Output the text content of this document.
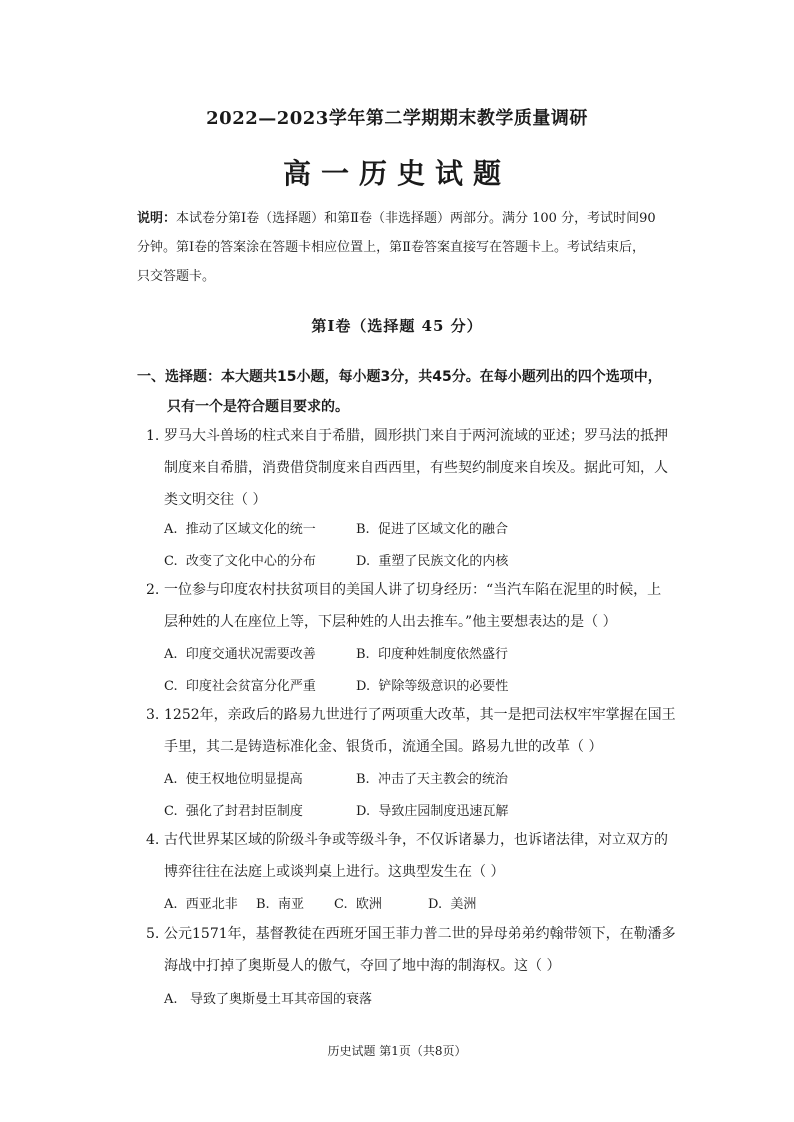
2022—2023学年第二学期期末教学质量调研
高一历史试题
说明：本试卷分第Ⅰ卷（选择题）和第Ⅱ卷（非选择题）两部分。满分 100 分，考试时间90
分钟。第Ⅰ卷的答案涂在答题卡相应位置上，第Ⅱ卷答案直接写在答题卡上。考试结束后，
只交答题卡。
第Ⅰ卷（选择题 45 分）
一、选择题：本大题共15小题，每小题3分，共45分。在每小题列出的四个选项中，
只有一个是符合题目要求的。
1. 罗马大斗兽场的柱式来自于希腊，圆形拱门来自于两河流域的亚述；罗马法的抵押
制度来自希腊，消费借贷制度来自西西里，有些契约制度来自埃及。据此可知，人
类文明交往（ ）
A. 推动了区域文化的统一	B. 促进了区域文化的融合
C. 改变了文化中心的分布	D. 重塑了民族文化的内核
2. 一位参与印度农村扶贫项目的美国人讲了切身经历：“当汽车陷在泥里的时候，上
层种姓的人在座位上等，下层种姓的人出去推车。”他主要想表达的是（ ）
A. 印度交通状况需要改善	B. 印度种姓制度依然盛行
C. 印度社会贫富分化严重	D. 铲除等级意识的必要性
3. 1252年，亲政后的路易九世进行了两项重大改革，其一是把司法权牢牢掌握在国王
手里，其二是铸造标准化金、银货币，流通全国。路易九世的改革（ ）
A. 使王权地位明显提高	B. 冲击了天主教会的统治
C. 强化了封君封臣制度	D. 导致庄园制度迅速瓦解
4. 古代世界某区域的阶级斗争或等级斗争，不仅诉诸暴力，也诉诸法律，对立双方的
博弈往往在法庭上或谈判桌上进行。这典型发生在（ ）
A. 西亚北非 B. 南亚 C. 欧洲	D. 美洲
5. 公元1571年，基督教徒在西班牙国王菲力普二世的异母弟弟约翰带领下，在勒潘多
海战中打掉了奥斯曼人的傲气，夺回了地中海的制海权。这（ ）
A. 导致了奥斯曼土耳其帝国的衰落
历史试题 第1页（共8页）
